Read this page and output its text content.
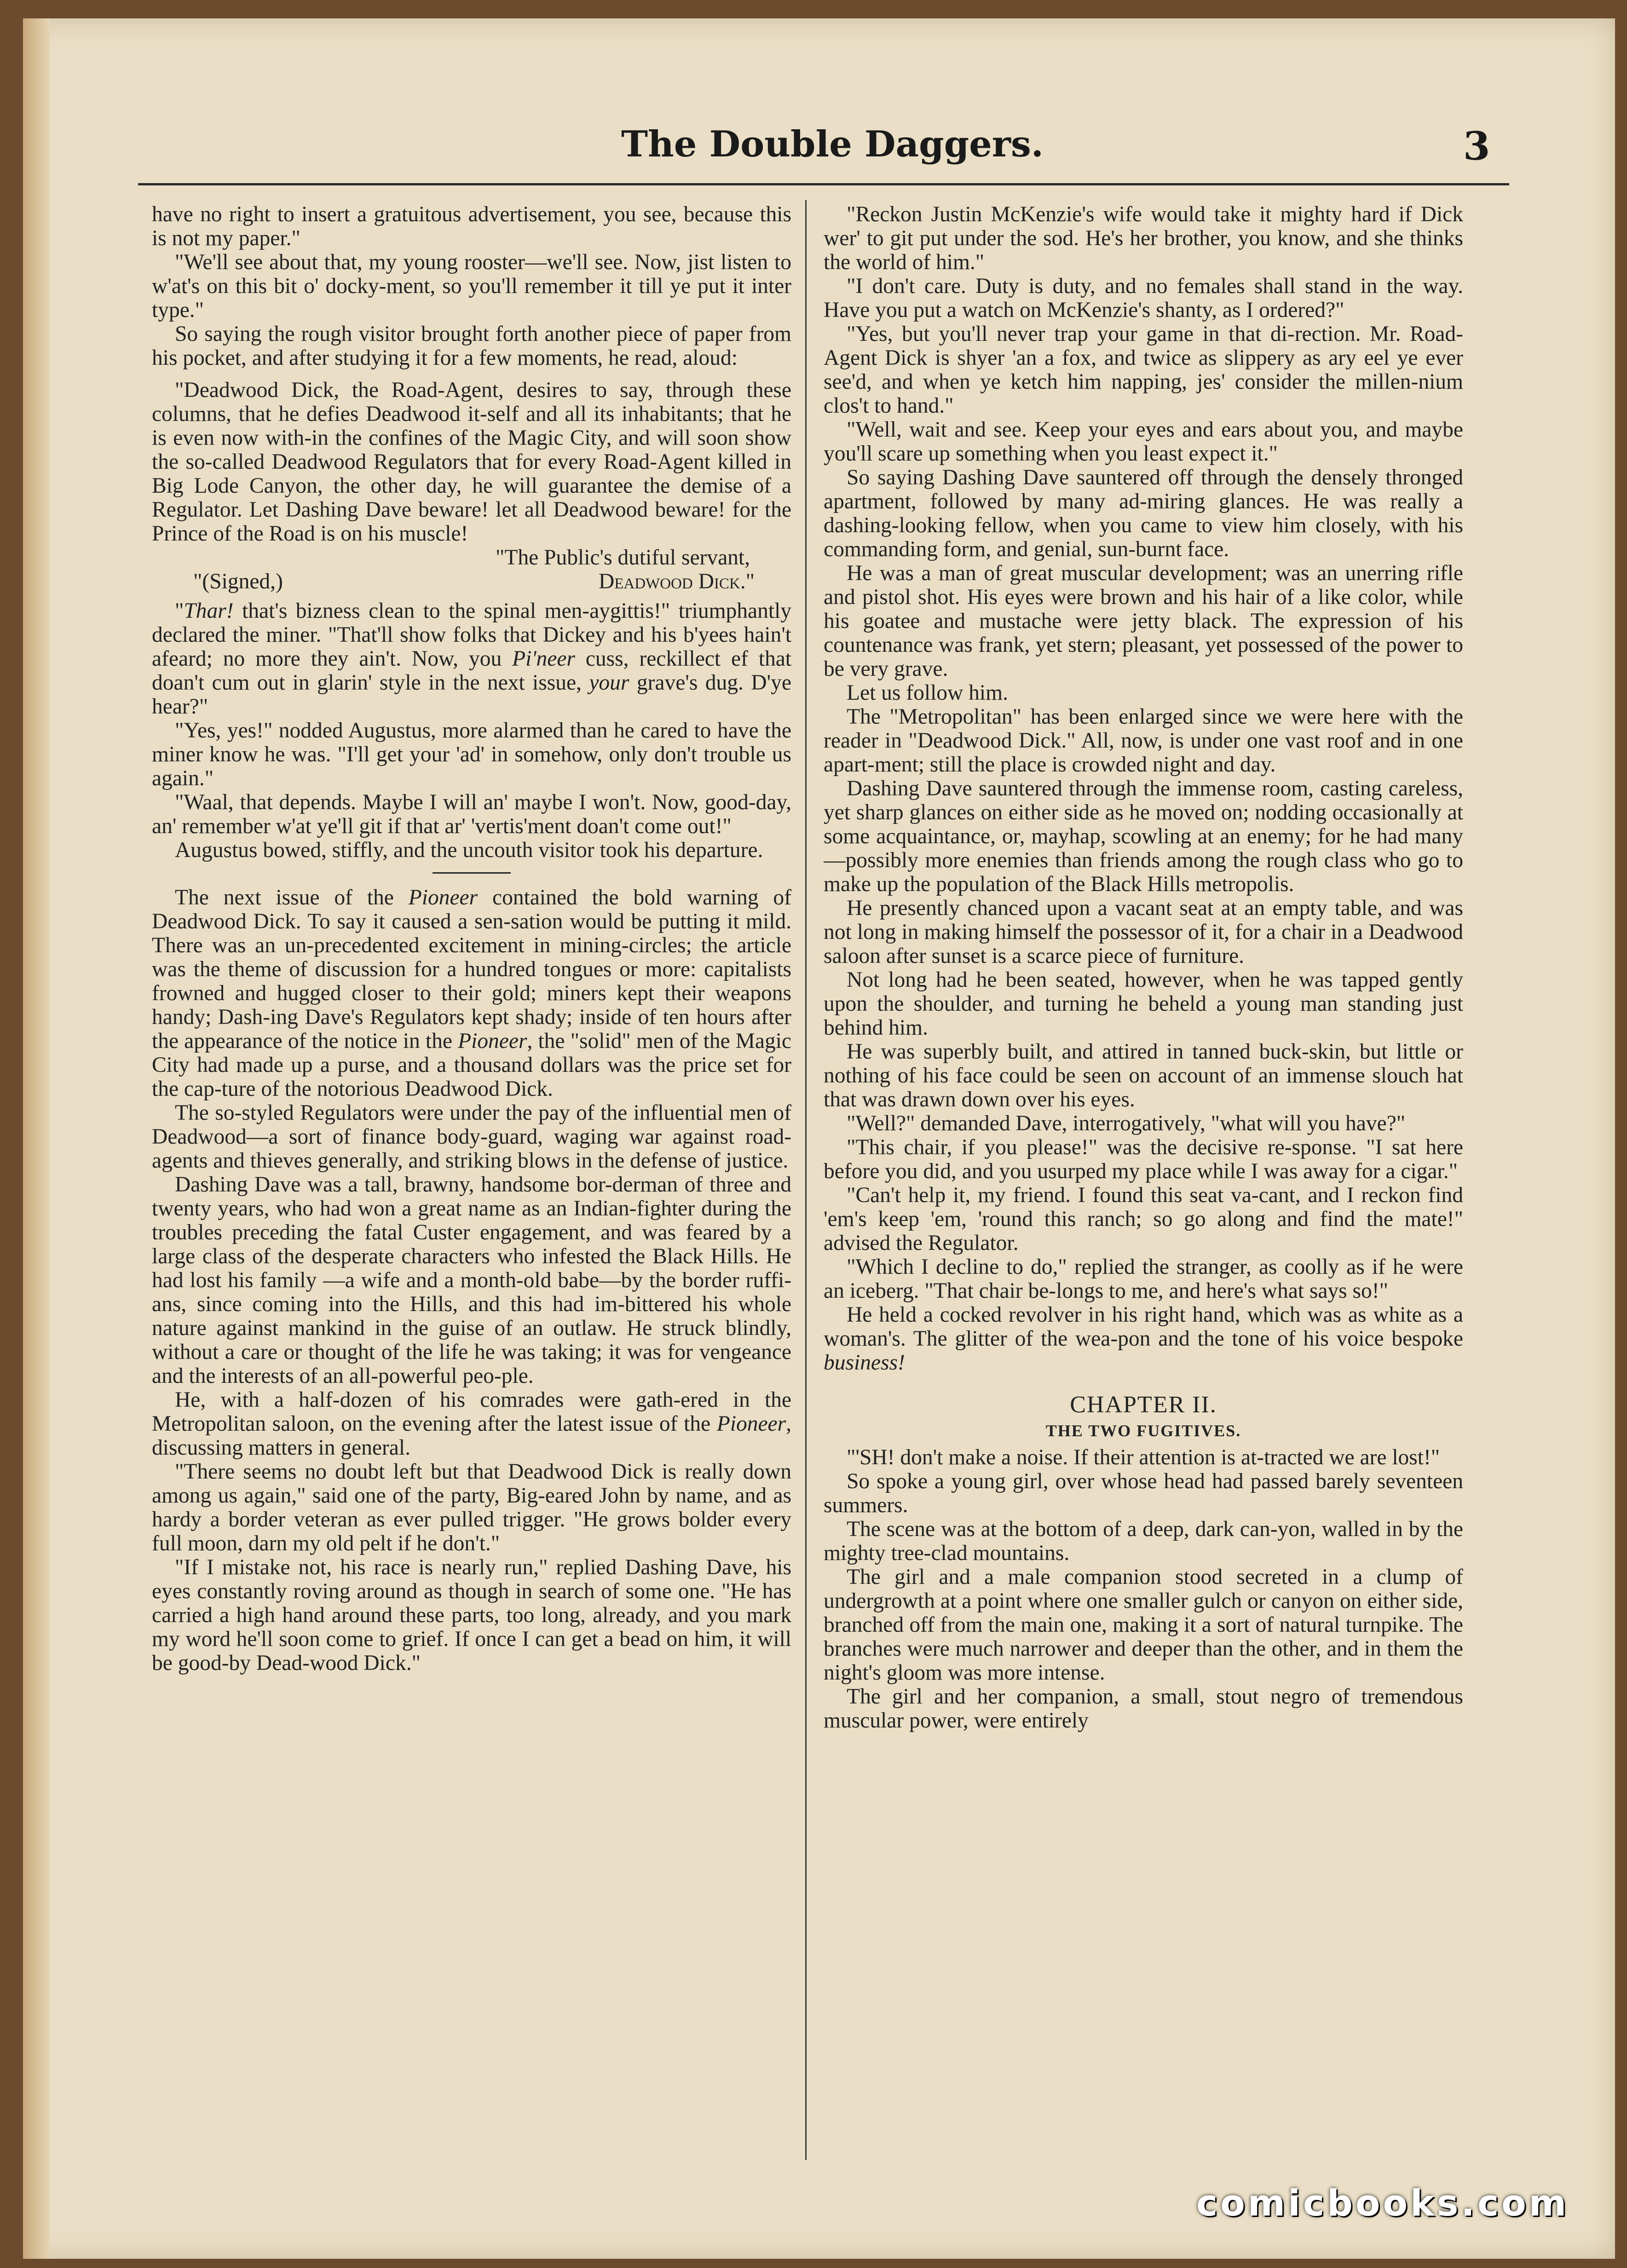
The Double Daggers.	3

have no right to insert a gratuitous advertisement, you see, because this is not my paper."

"We'll see about that, my young rooster—we'll see. Now, jist listen to w'at's on this bit o' docky-ment, so you'll remember it till ye put it inter type."

So saying the rough visitor brought forth another piece of paper from his pocket, and after studying it for a few moments, he read, aloud:

"Deadwood Dick, the Road-Agent, desires to say, through these columns, that he defies Deadwood it-self and all its inhabitants; that he is even now with-in the confines of the Magic City, and will soon show the so-called Deadwood Regulators that for every Road-Agent killed in Big Lode Canyon, the other day, he will guarantee the demise of a Regulator. Let Dashing Dave beware! let all Deadwood beware! for the Prince of the Road is on his muscle!

"The Public's dutiful servant,

"(Signed,)	Deadwood Dick."

"Thar! that's bizness clean to the spinal men-aygittis!" triumphantly declared the miner. "That'll show folks that Dickey and his b'yees hain't afeard; no more they ain't. Now, you Pi'neer cuss, reckillect ef that doan't cum out in glarin' style in the next issue, your grave's dug. D'ye hear?"

"Yes, yes!" nodded Augustus, more alarmed than he cared to have the miner know he was. "I'll get your 'ad' in somehow, only don't trouble us again."

"Waal, that depends. Maybe I will an' maybe I won't. Now, good-day, an' remember w'at ye'll git if that ar' 'vertis'ment doan't come out!"

Augustus bowed, stiffly, and the uncouth visitor took his departure.

The next issue of the Pioneer contained the bold warning of Deadwood Dick. To say it caused a sen-sation would be putting it mild. There was an un-precedented excitement in mining-circles; the article was the theme of discussion for a hundred tongues or more: capitalists frowned and hugged closer to their gold; miners kept their weapons handy; Dash-ing Dave's Regulators kept shady; inside of ten hours after the appearance of the notice in the Pioneer, the "solid" men of the Magic City had made up a purse, and a thousand dollars was the price set for the cap-ture of the notorious Deadwood Dick.

The so-styled Regulators were under the pay of the influential men of Deadwood—a sort of finance body-guard, waging war against road-agents and thieves generally, and striking blows in the defense of justice.

Dashing Dave was a tall, brawny, handsome bor-derman of three and twenty years, who had won a great name as an Indian-fighter during the troubles preceding the fatal Custer engagement, and was feared by a large class of the desperate characters who infested the Black Hills. He had lost his family —a wife and a month-old babe—by the border ruffi-ans, since coming into the Hills, and this had im-bittered his whole nature against mankind in the guise of an outlaw. He struck blindly, without a care or thought of the life he was taking; it was for vengeance and the interests of an all-powerful peo-ple.

He, with a half-dozen of his comrades were gath-ered in the Metropolitan saloon, on the evening after the latest issue of the Pioneer, discussing matters in general.

"There seems no doubt left but that Deadwood Dick is really down among us again," said one of the party, Big-eared John by name, and as hardy a border veteran as ever pulled trigger. "He grows bolder every full moon, darn my old pelt if he don't."

"If I mistake not, his race is nearly run," replied Dashing Dave, his eyes constantly roving around as though in search of some one. "He has carried a high hand around these parts, too long, already, and you mark my word he'll soon come to grief. If once I can get a bead on him, it will be good-by Dead-wood Dick."

"Reckon Justin McKenzie's wife would take it mighty hard if Dick wer' to git put under the sod. He's her brother, you know, and she thinks the world of him."

"I don't care. Duty is duty, and no females shall stand in the way. Have you put a watch on McKenzie's shanty, as I ordered?"

"Yes, but you'll never trap your game in that di-rection. Mr. Road-Agent Dick is shyer 'an a fox, and twice as slippery as ary eel ye ever see'd, and when ye ketch him napping, jes' consider the millen-nium clos't to hand."

"Well, wait and see. Keep your eyes and ears about you, and maybe you'll scare up something when you least expect it."

So saying Dashing Dave sauntered off through the densely thronged apartment, followed by many ad-miring glances. He was really a dashing-looking fellow, when you came to view him closely, with his commanding form, and genial, sun-burnt face.

He was a man of great muscular development; was an unerring rifle and pistol shot. His eyes were brown and his hair of a like color, while his goatee and mustache were jetty black. The expression of his countenance was frank, yet stern; pleasant, yet possessed of the power to be very grave.

Let us follow him.

The "Metropolitan" has been enlarged since we were here with the reader in "Deadwood Dick." All, now, is under one vast roof and in one apart-ment; still the place is crowded night and day.

Dashing Dave sauntered through the immense room, casting careless, yet sharp glances on either side as he moved on; nodding occasionally at some acquaintance, or, mayhap, scowling at an enemy; for he had many—possibly more enemies than friends among the rough class who go to make up the population of the Black Hills metropolis.

He presently chanced upon a vacant seat at an empty table, and was not long in making himself the possessor of it, for a chair in a Deadwood saloon after sunset is a scarce piece of furniture.

Not long had he been seated, however, when he was tapped gently upon the shoulder, and turning he beheld a young man standing just behind him.

He was superbly built, and attired in tanned buck-skin, but little or nothing of his face could be seen on account of an immense slouch hat that was drawn down over his eyes.

"Well?" demanded Dave, interrogatively, "what will you have?"

"This chair, if you please!" was the decisive re-sponse. "I sat here before you did, and you usurped my place while I was away for a cigar."

"Can't help it, my friend. I found this seat va-cant, and I reckon find 'em's keep 'em, 'round this ranch; so go along and find the mate!" advised the Regulator.

"Which I decline to do," replied the stranger, as coolly as if he were an iceberg. "That chair be-longs to me, and here's what says so!"

He held a cocked revolver in his right hand, which was as white as a woman's. The glitter of the wea-pon and the tone of his voice bespoke business!

CHAPTER II.
THE TWO FUGITIVES.

"'SH! don't make a noise. If their attention is at-tracted we are lost!"

So spoke a young girl, over whose head had passed barely seventeen summers.

The scene was at the bottom of a deep, dark can-yon, walled in by the mighty tree-clad mountains.

The girl and a male companion stood secreted in a clump of undergrowth at a point where one smaller gulch or canyon on either side, branched off from the main one, making it a sort of natural turnpike. The branches were much narrower and deeper than the other, and in them the night's gloom was more intense.

The girl and her companion, a small, stout negro of tremendous muscular power, were entirely

comicbooks.com
